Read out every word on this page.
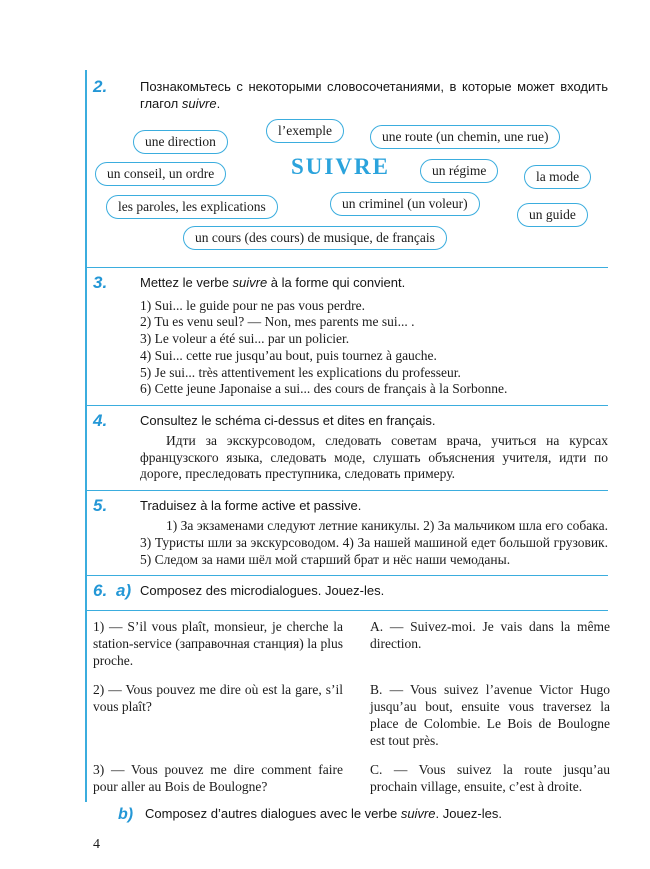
2.	Познакомьтесь с некоторыми словосочетаниями, в которые может входить глагол suivre.
une direction
l’exemple	une route (un chemin, une rue)
un conseil, un ordre	SUIVRE	un régime	la mode
les paroles, les explications	un criminel (un voleur)
un guide
un cours (des cours) de musique, de français
3.	Mettez le verbe suivre à la forme qui convient.

1) Sui... le guide pour ne pas vous perdre.

2) Tu es venu seul? — Non, mes parents me sui... .

3) Le voleur a été sui... par un policier.

4) Sui... cette rue jusqu’au bout, puis tournez à gauche.

5) Je sui... très attentivement les explications du professeur.

6) Cette jeune Japonaise a sui... des cours de français à la Sorbonne.

4.	Consultez le schéma ci-dessus et dites en français.

Идти за экскурсоводом, следовать советам врача, учиться на курсах французского языка, следовать моде, слушать объяснения учителя, идти по дороге, преследовать преступника, следовать примеру.

5.	Traduisez à la forme active et passive.

1) За экзаменами следуют летние каникулы. 2) За мальчиком шла его собака. 3) Туристы шли за экскурсоводом. 4) За нашей машиной едет большой грузовик. 5) Следом за нами шёл мой старший брат и нёс наши чемоданы.

6. a) Composez des microdialogues. Jouez-les.

1) — S’il vous plaît, monsieur, je cherche la station-service (заправочная станция) la plus proche.

A. — Suivez-moi. Je vais dans la même direction.

2) — Vous pouvez me dire où est la gare, s’il vous plaît?

B. — Vous suivez l’avenue Victor Hugo jusqu’au bout, ensuite vous traversez la place de Colombie. Le Bois de Boulogne est tout près.

3) — Vous pouvez me dire comment faire pour aller au Bois de Boulogne?

C. — Vous suivez la route jusqu’au prochain village, ensuite, c’est à droite.

b) Composez d’autres dialogues avec le verbe suivre. Jouez-les.
4
